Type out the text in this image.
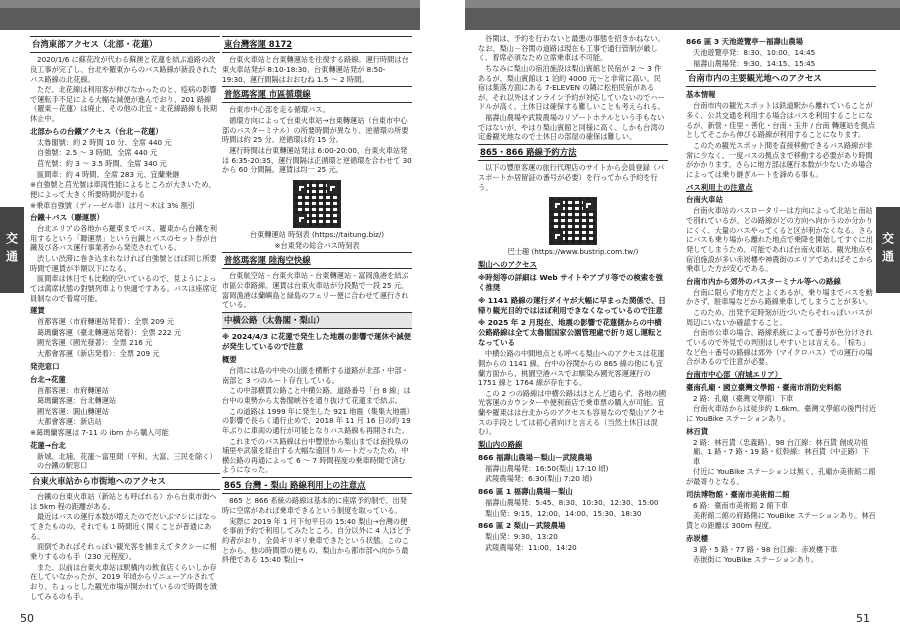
交通	交通
台湾東部アクセス（北部・花蓮）

2020/1/6 に蘇花改が代わる蘇澳と花蓮を結ぶ道路の改良工事が完了し、台北や羅東からのバス路線が新設されたバス路線の北花線。

ただ、北花線は利用客が伸びなかったのと、疫病の影響で運転手不足による大幅な減便が進んでおり、201 路線（羅東－花蓮）は廃止、その他の北宜・北花線路線も長期休止中。

北部からの台鐵アクセス（台北－花蓮）

太魯閣號：約 2 時間 10 分、全席 440 元

自強號：2.5 ～ 3 時間、全席 440 元

莒光號：約 3 ～ 3.5 時間、全席 340 元

區間車：約 4 時間、全席 283 元、宜蘭乗継

※自強號と莒光號は車両性能によるところが大きいため、便によって大きく所要時間が変わる

※乗車自強號（ディーゼル車）は月～木は 3% 割引

台鐵＋バス（聯運票）

台北エリアの各地から羅東までバス、羅東から台鐵を利用するという「聯運票」という台鐵とバスのセット券が台鐵及び各バス運行事業者から発売されている。

渋しい渋滞に巻き込まれなければ自強號とほぼ同じ所要時間で運賃が半額以下になる。

區間車は休日でも比較的空いているので、見ようによっては満席状態の對號列車より快適ですある。バスは座席定員制なので着席可能。

運賃

首都客運（市府轉運站発着）：全票 209 元

葛瑪蘭客運（臺北轉運站発着）：全票 222 元

國光客運（國光發著）：全票 216 元

大都會客運（新店発着）：全票 209 元

発売窓口
台北→花蓮

首都客運：市府轉運站

葛瑪蘭客運：台北轉運站

國光客運：圓山轉運站

大都會客運：新店站

※葛瑪蘭客運は 7-11 の ibrn から購入可能

花蓮→台北

新城、北埔、花蓮～富里間（平和、大富、三民を除く）の台鐵の駅窓口

台東火車站から市街地へのアクセス

台鐵の台東火車站（新站とも呼ばれる）から台東市街へは 5km 程の距離がある。

最近はバスの運行本数が増えたのでだいぶマシにはなってきたものの、それでも 1 時間近く開くことが普通にある。

面倒であればそれっぽい観光客を捕まえてタクシーに相乗りするのも手（230 元程度）。

また、以前は台東火車站は駅構内の飲食店くらいしか存在していなかったが、2019 年頃からリニューアルされており、ちょっとした観光市場が開かれているので時間を潰してみるのも手。

東台灣客運 8172

台東火車站と台東轉運站を往復する路線。運行時間は台東火車站発が 8:10-18:30、台東轉運站発が 8:50-19:30、運行間隔はおおむね 1.5 ～ 2 時間。

普悠瑪客運 市區循環線

台東市中心部を走る循環バス。

循環方向によって台東火車站→台東轉運站（台東市中心部のバスターミナル）の所要時間が異なり、逆循環の所要時間は約 25 分、逆循環は約 15 分。

運行時間は台東轉運站発は 6:00-20:00、台東火車站発は 6:35-20:35、運行間隔は正循環と逆循環を合わせて 30 から 60 分間隔。運賃は均一 25 元。

台東轉運站 時刻表 (https://taitung.biz/)

※台東発の総合バス時刻表

普悠瑪客運 陸海空快線

台東航空站 - 台東火車站 - 台東轉運站 - 富岡漁港を結ぶ市區公車路線。運賃は台東火車站が分段點で一段 25 元。富岡漁港は蘭嶼島と緑島のフェリー便に合わせて運行されている。

中橫公路（太魯閣・梨山）
※ 2024/4/3 に花蓮で発生した地震の影響で運休や減便が発生しているので注意
概要

台湾には島の中央の山脈を横断する道路が北部・中部・南部と 3 つのルート存在している。

この中部横貫公路こと中横公路、道路番号「台 8 線」は台中の東勢から太魯閣峡谷を通り抜けて花蓮まで結ぶ。

この道路は 1999 年に発生した 921 地震（集集大地震）の影響で長らく通行止めで、2018 年 11 月 16 日の約 19 年ぶりに車両の通行が可能となりバス路線も再開された。

これまでのバス路線は台中豐原から梨山までは南投県の埔里や武嶺を経由する大幅な遠回りルートだったため、中横公路の再通によって 6 ～ 7 時間程度の乗車時間で済むようになった。

865 台灣 - 梨山 路線利用上の注意点

865 と 866 系統の路線は基本的に座席予約制で、出発時に空席があれば乗車できるという制度を取っている。

実際に 2019 年 1 月下旬平日の 15:40 梨山→台灣の便を事前予約で利用してみたところ、自分以外に 4 人ほど予約者がおり、全員ギリギリ乗車できたという状態。このことから、他の時間帯の便もの、梨山から都市部へ向かう最終便である 15:40 梨山→

谷関は、予約を行わないと最悪の事態を招きかねない。なお、梨山－谷関の道路は現在も工事で通行管制が厳しく、着席必須なため立席乗車は不可能。

ちなみに梨山の宿泊施設は梨山賓館と民宿が 2 ～ 3 件あるが、梨山賓館は 1 泊約 4000 元～と非常に高い。民宿は集落方面にある 7-ELEVEN の隣に松柏民宿があるが、それ以外はオンライン予約が対応していないのでハードルが高く、土休日は確保する難しいことも考えられる。

福壽山農場や武陵農場のリゾートホテルという手もないではないが、やはり梨山賓館と同様に高く、しかも台湾の定番観光地なので土休日の部屋の確保は難しい。

865・866 路線予約方法

以下の豐原客運の旅行代理店のサイトから会員登録（パスポートか居留証の番号が必要）を行ってから予約を行う。

巴士趣 (https://www.bustrip.com.tw/)

梨山へのアクセス
※時刻等の詳細は Web サイトやアプリ等での検索を強く推奨
※ 1141 路線の運行ダイヤが大幅に早まった関係で、日帰り観光目的ではほぼ利用できなくなっているので注意
※ 2025 年 2 月現在、地震の影響で花蓮側からの中横公路路線は全て太魯閣国家公園管理處で折り返し運転となっている

中横公路の中間地点とも呼べる梨山へのアクセスは花蓮側からの 1141 線、台中の谷関からの 865 線の他にも宜蘭方面から、桃園空港バスでお馴染み國光客運運行の 1751 線と 1764 線が存在する。

この 2 つの路線は中横公路はほとんど通らず、各地の國光客運のカウンターや便利商店で乗車票の購入が可能。宜蘭や羅東はは台北からのアクセスも容易なので梨山アクセスの手段としては初心者向けと言える（当然土休日は混む）。

梨山内の路線
866 福壽山農場－梨山－武陵農場

福壽山農場発：16:50(梨山 17:10 頃)

武陵農場発：6:30(梨山 7:20 頃)

866 區 1 福壽山農場－梨山

福壽山農場発：5:45、8:30、10:30、12:30、15:00

梨山発：9:15、12:00、14:00、15:30、18:30

866 區 2 梨山－武陵農場

梨山発：9:30、13:20

武陵農場発：11:00、14:20

866 區 3 天池遊覽亭－福壽山農場

天池遊覽亭発：8:30、10:00、14:45

福壽山農場発：9:30、14:15、15:45

台南市内の主要観光地へのアクセス
基本情報

台南市内の観光スポットは鉄道駅から離れていることが多く、公共交通を利用する場合はバスを利用することになるが、新營・佳里・善化・台南・玉井 / 台南 轉運站を拠点としてそこから伸びる路線が利用することになります。

このため観光スポット間を直接移動できるバス路線が非常に少なく、一度バスの拠点まで移動する必要があり時間がかかります。さらに地方部は運行本数が少ないため場合によっては乗り継ぎルートを諦める事も。

バス利用上の注意点
台南火車站

台南火車站のバスロータリーは方向によって北站と南站で別れているが、どの路線がどの方向へ向かうのか分かりにくく、大量のバスやってくると区が利かなくなる。さらにバスも乗り場から離れた地点で乗降を開始してすぐに出発してしまうため、可能であれば台南火車站、観光地点や宿泊施設が多い赤崁樓や神農街のエリアであればそこから乗車した方が安心である。

台南市内から郊外のバスターミナル等への路線

台南に限らず地方だとよくあるが、乗り場までバスを動かさず、駐車場などから路線乗車してしまうことが多い。

このため、出発予定時刻が近づいたらそれっぽいバスが周辺にいないか確認すること。

台南市公車の場合、路線系統によって番号が色分けされているので外見での判別はしやすいとは言える。「棕ち」など色＋番号の路線は郊外（マイクロバス）での運行の場合があるので注意が必要。

台南市中心部（府城エリア）
臺南孔廟・國立臺灣文學館・臺南市消防史料館

2 路：孔廟（臺灣文學館）下車

台南火車站からは徒歩約 1.6km。臺灣文學館の後門付近に YouBike ステーションあり。

林百貨

2 路：林百貨（忠義路）、98 台江線：林百貨 創成功祖廟、1 路・7 路・19 路・紅幹線：林百貨（中正路）下車

付近に YouBike ステーションは無く、孔廟か美術館二館が最寄りとなる。

司法博物館・臺南市美術館二館

6 路：臺南市美術館 2 館下車

美術館二館の府路側に YouBike ステーションあり。林百貨との距離は 300m 程度。

赤崁樓

3 路・5 路・77 路・98 台江線：赤崁樓下車

赤嵌街に YouBike ステーションあり。

50	51
